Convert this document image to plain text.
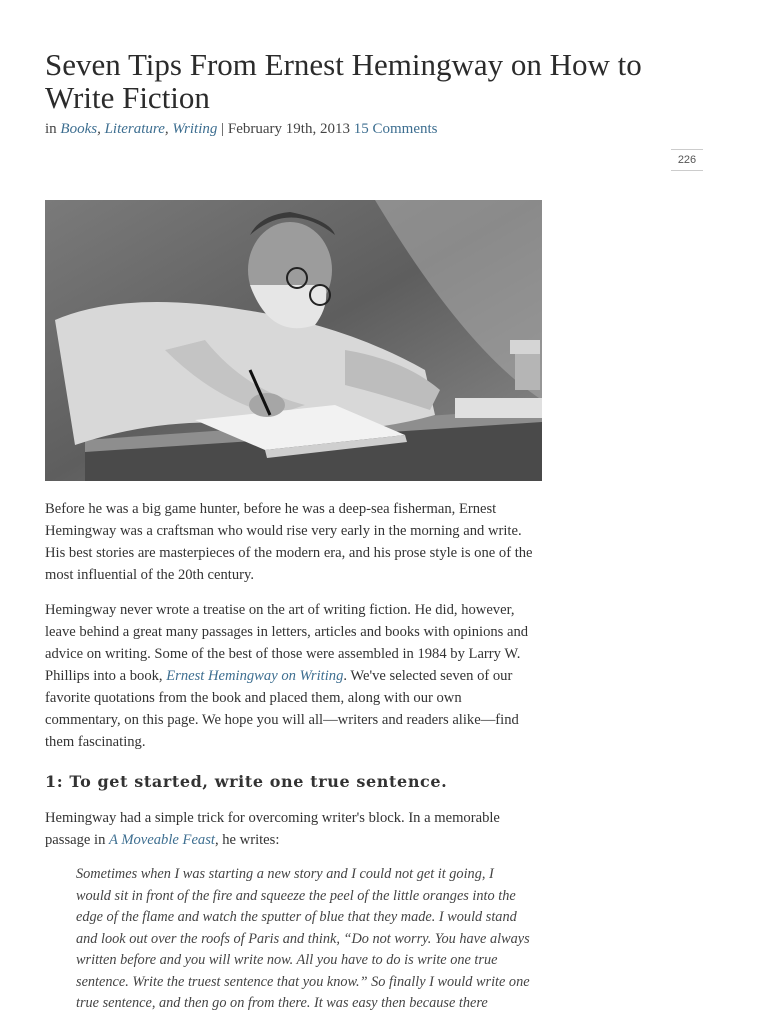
Seven Tips From Ernest Hemingway on How to Write Fiction
in Books, Literature, Writing | February 19th, 2013 15 Comments
226

Before he was a big game hunter, before he was a deep-sea fisherman, Ernest Hemingway was a craftsman who would rise very early in the morning and write. His best stories are masterpieces of the modern era, and his prose style is one of the most influential of the 20th century.

Hemingway never wrote a treatise on the art of writing fiction. He did, however, leave behind a great many passages in letters, articles and books with opinions and advice on writing. Some of the best of those were assembled in 1984 by Larry W. Phillips into a book, Ernest Hemingway on Writing. We've selected seven of our favorite quotations from the book and placed them, along with our own commentary, on this page. We hope you will all—writers and readers alike—find them fascinating.

1: To get started, write one true sentence.

Hemingway had a simple trick for overcoming writer's block. In a memorable passage in A Moveable Feast, he writes:

Sometimes when I was starting a new story and I could not get it going, I would sit in front of the fire and squeeze the peel of the little oranges into the edge of the flame and watch the sputter of blue that they made. I would stand and look out over the roofs of Paris and think, “Do not worry. You have always written before and you will write now. All you have to do is write one true sentence. Write the truest sentence that you know.” So finally I would write one true sentence, and then go on from there. It was easy then because there
